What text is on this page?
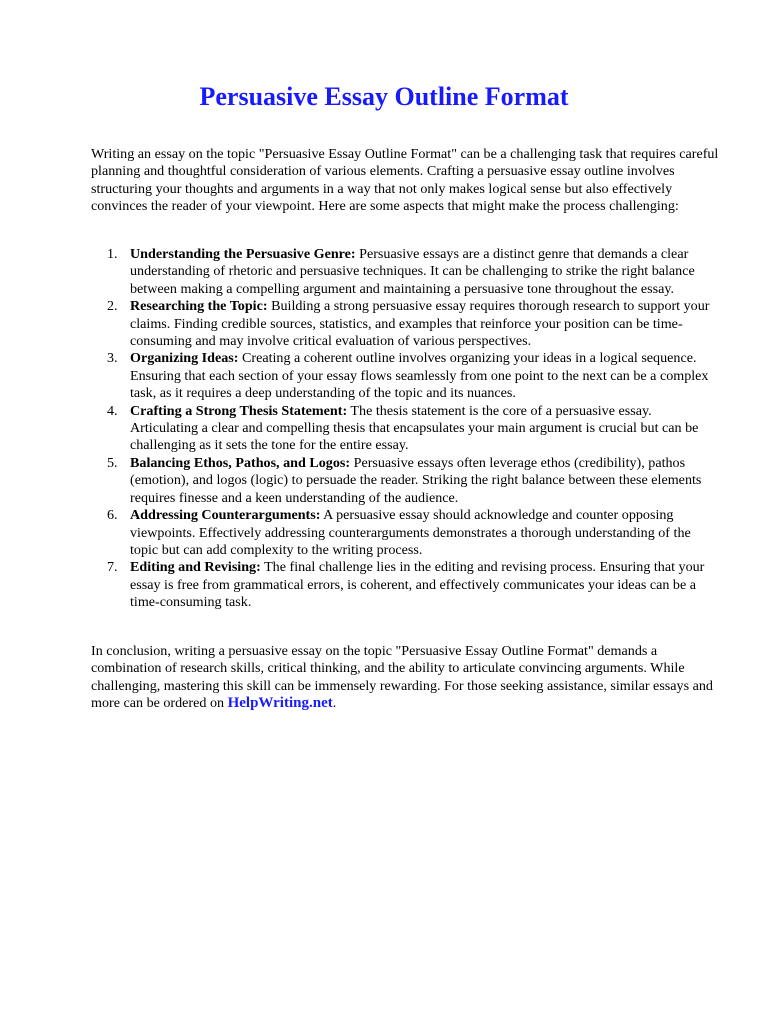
Persuasive Essay Outline Format

Writing an essay on the topic "Persuasive Essay Outline Format" can be a challenging task that requires careful planning and thoughtful consideration of various elements. Crafting a persuasive essay outline involves structuring your thoughts and arguments in a way that not only makes logical sense but also effectively convinces the reader of your viewpoint. Here are some aspects that might make the process challenging:

1. Understanding the Persuasive Genre: Persuasive essays are a distinct genre that demands a clear understanding of rhetoric and persuasive techniques. It can be challenging to strike the right balance between making a compelling argument and maintaining a persuasive tone throughout the essay.
2. Researching the Topic: Building a strong persuasive essay requires thorough research to support your claims. Finding credible sources, statistics, and examples that reinforce your position can be time-consuming and may involve critical evaluation of various perspectives.
3. Organizing Ideas: Creating a coherent outline involves organizing your ideas in a logical sequence. Ensuring that each section of your essay flows seamlessly from one point to the next can be a complex task, as it requires a deep understanding of the topic and its nuances.
4. Crafting a Strong Thesis Statement: The thesis statement is the core of a persuasive essay. Articulating a clear and compelling thesis that encapsulates your main argument is crucial but can be challenging as it sets the tone for the entire essay.
5. Balancing Ethos, Pathos, and Logos: Persuasive essays often leverage ethos (credibility), pathos (emotion), and logos (logic) to persuade the reader. Striking the right balance between these elements requires finesse and a keen understanding of the audience.
6. Addressing Counterarguments: A persuasive essay should acknowledge and counter opposing viewpoints. Effectively addressing counterarguments demonstrates a thorough understanding of the topic but can add complexity to the writing process.
7. Editing and Revising: The final challenge lies in the editing and revising process. Ensuring that your essay is free from grammatical errors, is coherent, and effectively communicates your ideas can be a time-consuming task.

In conclusion, writing a persuasive essay on the topic "Persuasive Essay Outline Format" demands a combination of research skills, critical thinking, and the ability to articulate convincing arguments. While challenging, mastering this skill can be immensely rewarding. For those seeking assistance, similar essays and more can be ordered on HelpWriting.net.
